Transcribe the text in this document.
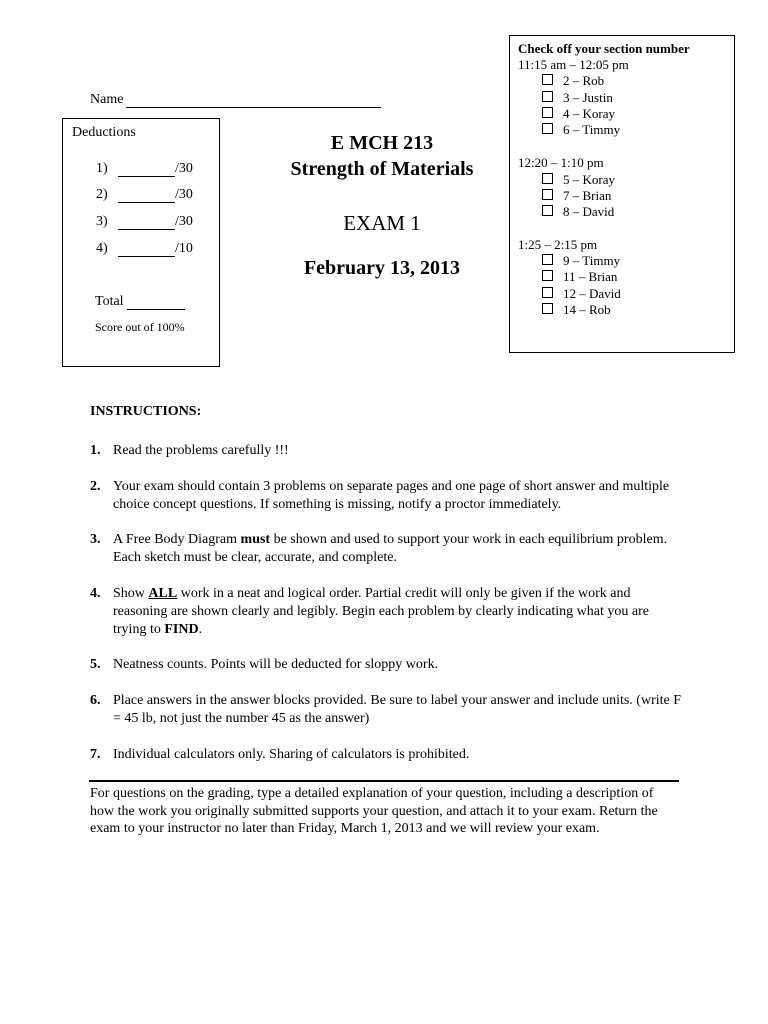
Name
Deductions
1)	/30
2)	/30
3)	/30
4)	/10
Total
Score out of 100%
E MCH 213
Strength of Materials
EXAM 1
February 13, 2013
Check off your section number
11:15 am – 12:05 pm
2 – Rob
3 – Justin
4 – Koray
6 – Timmy
12:20 – 1:10 pm
5 – Koray
7 – Brian
8 – David
1:25 – 2:15 pm
9 – Timmy
11 – Brian
12 – David
14 – Rob
INSTRUCTIONS:
1. Read the problems carefully !!!
2. Your exam should contain 3 problems on separate pages and one page of short answer and multiple choice concept questions. If something is missing, notify a proctor immediately.
3. A Free Body Diagram must be shown and used to support your work in each equilibrium problem. Each sketch must be clear, accurate, and complete.
4. Show ALL work in a neat and logical order. Partial credit will only be given if the work and reasoning are shown clearly and legibly. Begin each problem by clearly indicating what you are trying to FIND.
5. Neatness counts. Points will be deducted for sloppy work.
6. Place answers in the answer blocks provided. Be sure to label your answer and include units. (write F = 45 lb, not just the number 45 as the answer)
7. Individual calculators only. Sharing of calculators is prohibited.
For questions on the grading, type a detailed explanation of your question, including a description of how the work you originally submitted supports your question, and attach it to your exam. Return the exam to your instructor no later than Friday, March 1, 2013 and we will review your exam.
